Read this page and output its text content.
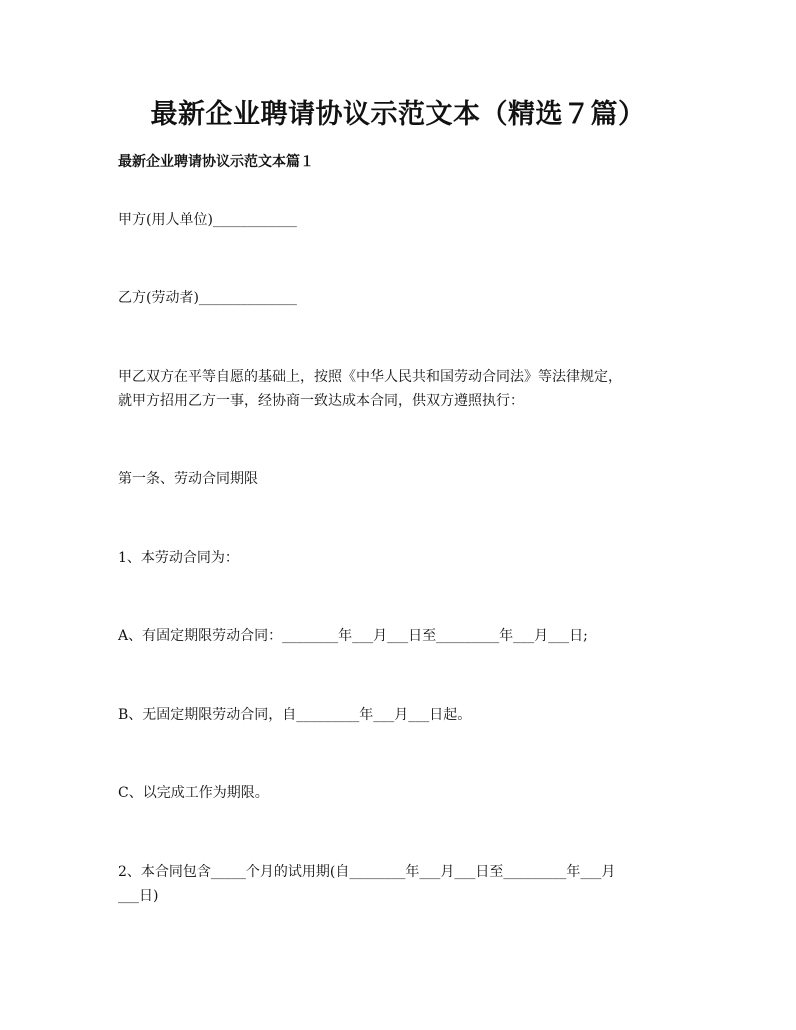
最新企业聘请协议示范文本（精选７篇）
最新企业聘请协议示范文本篇１
甲方(用人单位)____________
乙方(劳动者)______________
甲乙双方在平等自愿的基础上，按照《中华人民共和国劳动合同法》等法律规定，
就甲方招用乙方一事，经协商一致达成本合同，供双方遵照执行：
第一条、劳动合同期限
1、本劳动合同为：
A、有固定期限劳动合同：________年___月___日至_________年___月___日;
B、无固定期限劳动合同，自_________年___月___日起。
C、以完成工作为期限。
2、本合同包含_____个月的试用期(自________年___月___日至_________年___月
___日)
